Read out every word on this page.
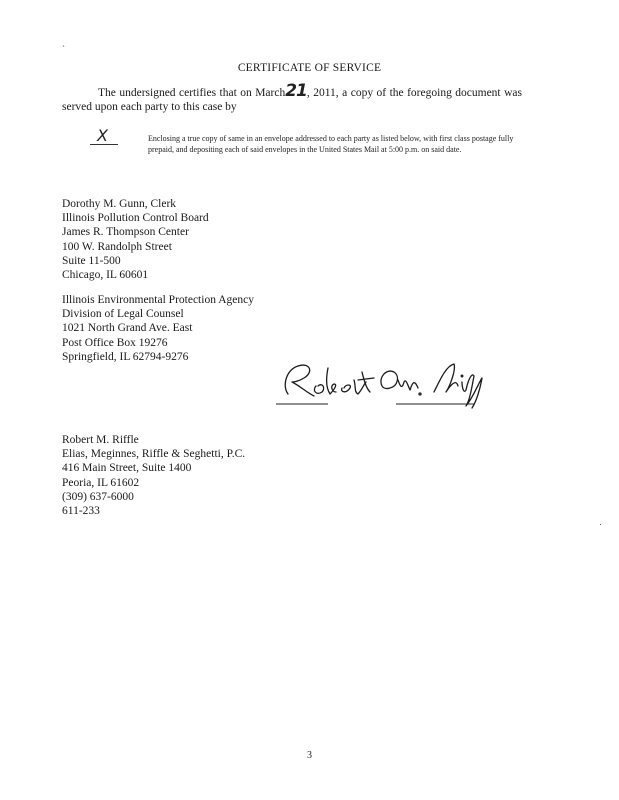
`
CERTIFICATE OF SERVICE
The undersigned certifies that on March21, 2011, a copy of the foregoing document was served upon each party to this case by
X	Enclosing a true copy of same in an envelope addressed to each party as listed below, with first class postage fully prepaid, and depositing each of said envelopes in the United States Mail at 5:00 p.m. on said date.
Dorothy M. Gunn, Clerk
Illinois Pollution Control Board
James R. Thompson Center
100 W. Randolph Street
Suite 11-500
Chicago, IL 60601
Illinois Environmental Protection Agency
Division of Legal Counsel
1021 North Grand Ave. East
Post Office Box 19276
Springfield, IL 62794-9276
Robert M. Riffle
Elias, Meginnes, Riffle & Seghetti, P.C.
416 Main Street, Suite 1400
Peoria, IL 61602
(309) 637-6000
611-233
3
